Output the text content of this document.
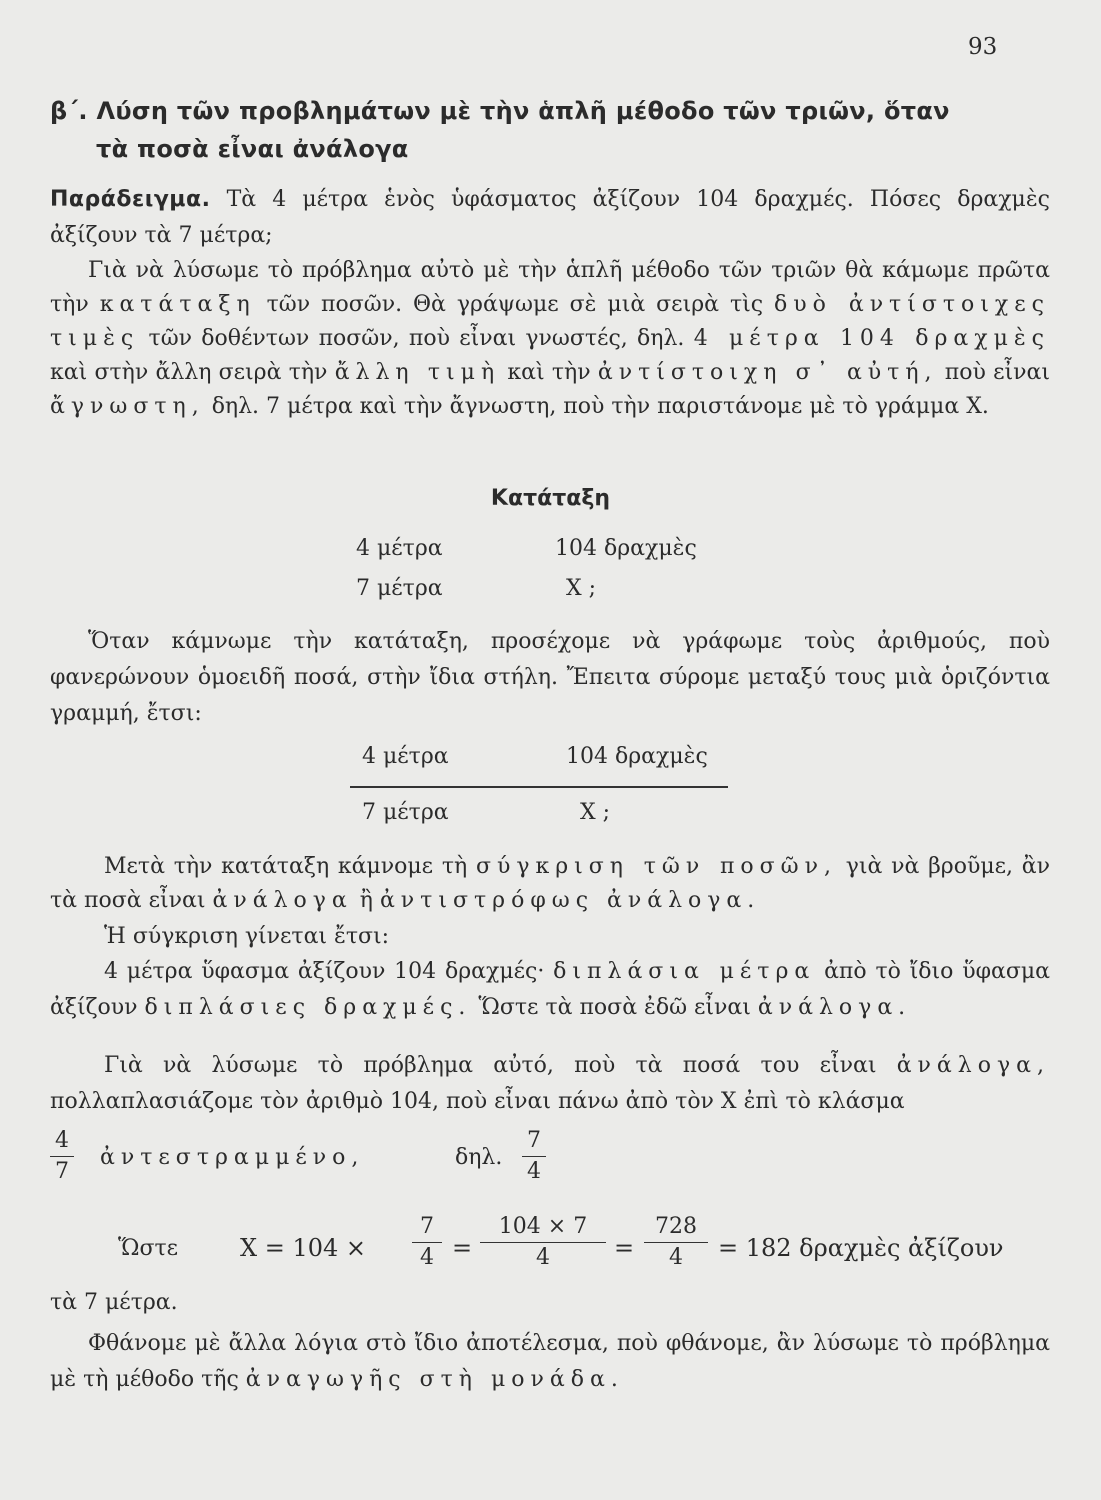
93
β΄. Λύση τῶν προβλημάτων μὲ τὴν ἁπλῆ μέθοδο τῶν τριῶν, ὅταν
τὰ ποσὰ εἶναι ἀνάλογα
Παράδειγμα. Τὰ 4 μέτρα ἑνὸς ὑφάσματος ἀξίζουν 104 δραχμές. Πόσες δραχμὲς ἀξίζουν τὰ 7 μέτρα;
Γιὰ νὰ λύσωμε τὸ πρόβλημα αὐτὸ μὲ τὴν ἁπλῆ μέθοδο τῶν τριῶν θὰ κάμωμε πρῶτα τὴν κατάταξη τῶν ποσῶν. Θὰ γράψωμε σὲ μιὰ σειρὰ τὶς δυὸ ἀντίστοιχες τιμὲς τῶν δοθέντων ποσῶν, ποὺ εἶναι γνωστές, δηλ. 4 μέτρα 104 δραχμὲς καὶ στὴν ἄλλη σειρὰ τὴν ἄλλη τιμὴ καὶ τὴν ἀντίστοιχη σ᾽ αὐτή, ποὺ εἶναι ἄγνωστη, δηλ. 7 μέτρα καὶ τὴν ἄγνωστη, ποὺ τὴν παριστάνομε μὲ τὸ γράμμα X.
Κατάταξη
4 μέτρα	104 δραχμὲς
7 μέτρα	X ;
Ὅταν κάμνωμε τὴν κατάταξη, προσέχομε νὰ γράφωμε τοὺς ἀριθμούς, ποὺ φανερώνουν ὁμοειδῆ ποσά, στὴν ἴδια στήλη. Ἔπειτα σύρομε μεταξύ τους μιὰ ὁριζόντια γραμμή, ἔτσι:
4 μέτρα	104 δραχμὲς
7 μέτρα	X ;
Μετὰ τὴν κατάταξη κάμνομε τὴ σύγκριση τῶν ποσῶν, γιὰ νὰ βροῦμε, ἂν τὰ ποσὰ εἶναι ἀνάλογα ἢ ἀντιστρόφως ἀνάλογα.
Ἡ σύγκριση γίνεται ἔτσι:
4 μέτρα ὕφασμα ἀξίζουν 104 δραχμές· διπλάσια μέτρα ἀπὸ τὸ ἴδιο ὕφασμα ἀξίζουν διπλάσιες δραχμές. Ὥστε τὰ ποσὰ ἐδῶ εἶναι ἀνάλογα.
Γιὰ νὰ λύσωμε τὸ πρόβλημα αὐτό, ποὺ τὰ ποσά του εἶναι ἀνάλογα, πολλαπλασιάζομε τὸν ἀριθμὸ 104, ποὺ εἶναι πάνω ἀπὸ τὸν X ἐπὶ τὸ κλάσμα
4
7
ἀντεστραμμένο,	δηλ.
7
4
Ὥστε	X = 104 ×
7
4 =
104 × 7
4	=
728
4	= 182 δραχμὲς ἀξίζουν
τὰ 7 μέτρα.
Φθάνομε μὲ ἄλλα λόγια στὸ ἴδιο ἀποτέλεσμα, ποὺ φθάνομε, ἂν λύσωμε τὸ πρόβλημα μὲ τὴ μέθοδο τῆς ἀναγωγῆς στὴ μονάδα.
